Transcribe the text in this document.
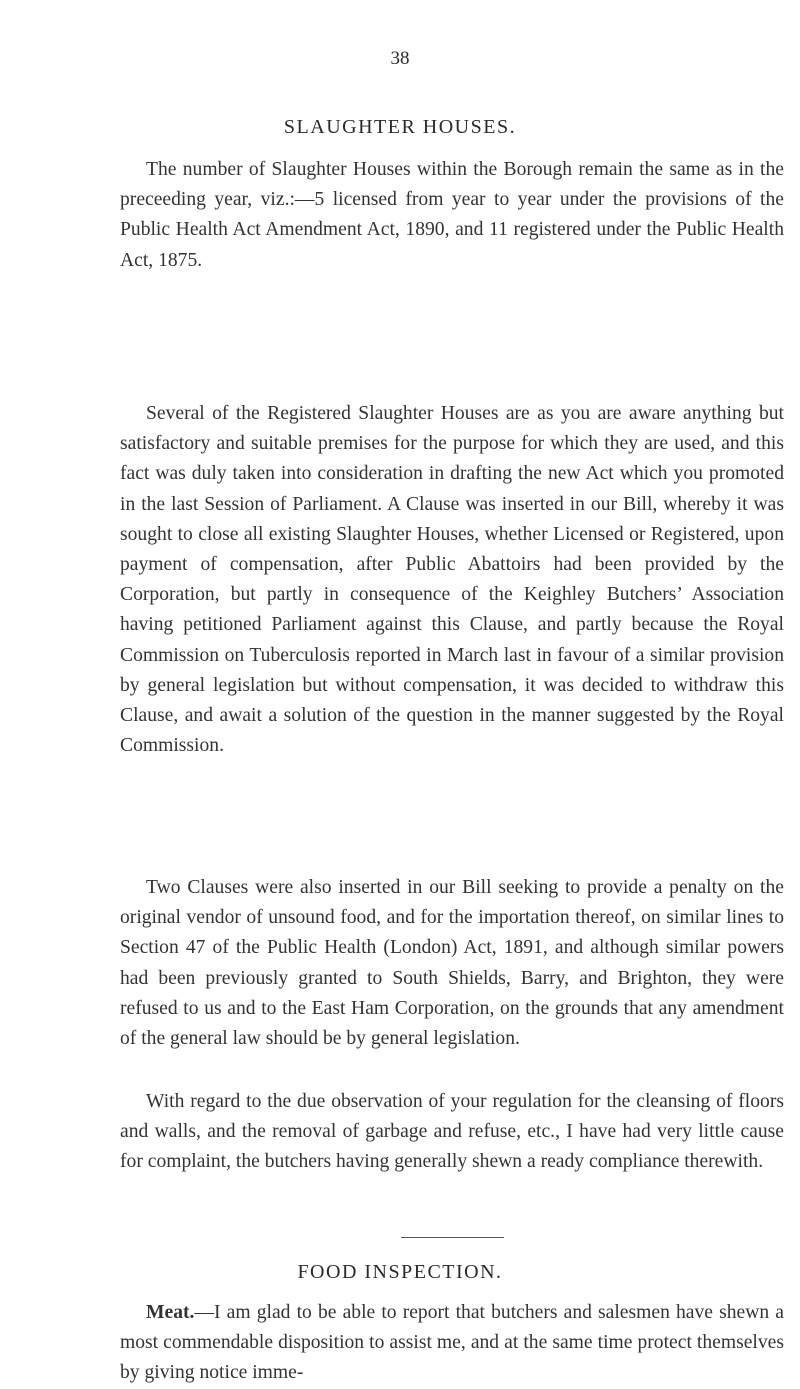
38
SLAUGHTER HOUSES.

The number of Slaughter Houses within the Borough remain the same as in the preceeding year, viz.:—5 licensed from year to year under the provisions of the Public Health Act Amendment Act, 1890, and 11 registered under the Public Health Act, 1875.

Several of the Registered Slaughter Houses are as you are aware anything but satisfactory and suitable premises for the purpose for which they are used, and this fact was duly taken into consideration in drafting the new Act which you promoted in the last Session of Parliament. A Clause was inserted in our Bill, whereby it was sought to close all existing Slaughter Houses, whether Licensed or Registered, upon payment of compensation, after Public Abattoirs had been provided by the Corporation, but partly in consequence of the Keighley Butchers’ Association having petitioned Parliament against this Clause, and partly because the Royal Commission on Tuberculosis reported in March last in favour of a similar provision by general legislation but without compensation, it was decided to withdraw this Clause, and await a solution of the question in the manner suggested by the Royal Commission.

Two Clauses were also inserted in our Bill seeking to provide a penalty on the original vendor of unsound food, and for the importation thereof, on similar lines to Section 47 of the Public Health (London) Act, 1891, and although similar powers had been previously granted to South Shields, Barry, and Brighton, they were refused to us and to the East Ham Corporation, on the grounds that any amendment of the general law should be by general legislation.

With regard to the due observation of your regulation for the cleansing of floors and walls, and the removal of garbage and refuse, etc., I have had very little cause for complaint, the butchers having generally shewn a ready compliance therewith.

FOOD INSPECTION.

Meat.—I am glad to be able to report that butchers and salesmen have shewn a most commendable disposition to assist me, and at the same time protect themselves by giving notice imme-
